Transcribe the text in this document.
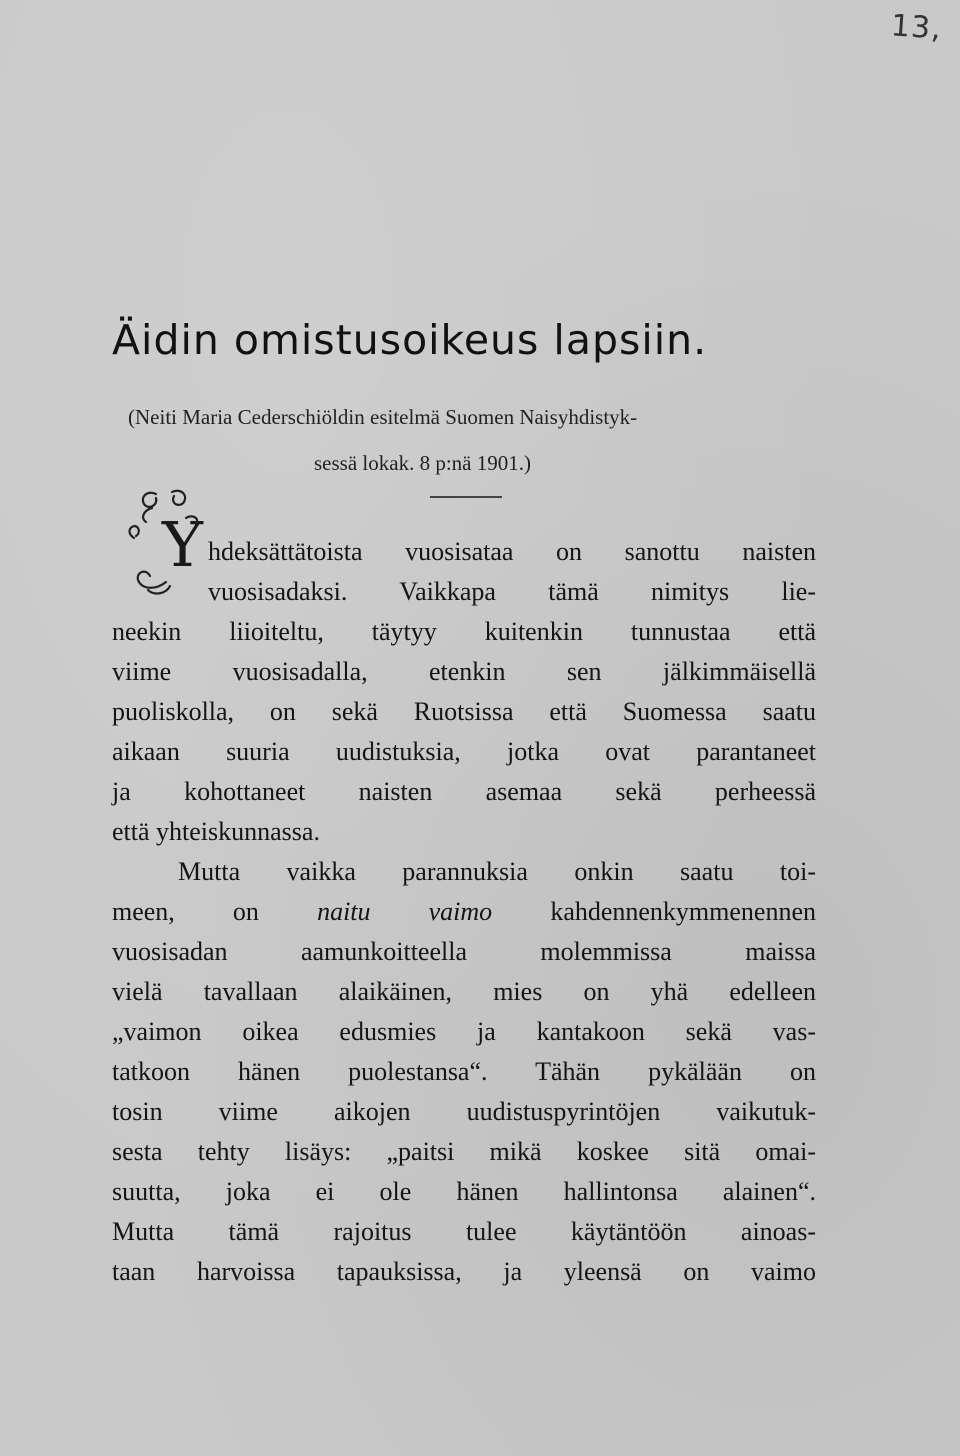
13,
Äidin omistusoikeus lapsiin.
(Neiti Maria Cederschiöldin esitelmä Suomen Naisyhdistyk-
sessä lokak. 8 p:nä 1901.)
Y hdeksättätoista vuosisataa on sanottu naisten
vuosisadaksi. Vaikkapa tämä nimitys lie-
neekin liioiteltu, täytyy kuitenkin tunnustaa että
viime vuosisadalla, etenkin sen jälkimmäisellä
puoliskolla, on sekä Ruotsissa että Suomessa saatu
aikaan suuria uudistuksia, jotka ovat parantaneet
ja kohottaneet naisten asemaa sekä perheessä
että yhteiskunnassa.
Mutta vaikka parannuksia onkin saatu toi-
meen, on naitu vaimo kahdennenkymmenennen
vuosisadan aamunkoitteella molemmissa maissa
vielä tavallaan alaikäinen, mies on yhä edelleen
„vaimon oikea edusmies ja kantakoon sekä vas-
tatkoon hänen puolestansa“. Tähän pykälään on
tosin viime aikojen uudistuspyrintöjen vaikutuk-
sesta tehty lisäys: „paitsi mikä koskee sitä omai-
suutta, joka ei ole hänen hallintonsa alainen“.
Mutta tämä rajoitus tulee käytäntöön ainoas-
taan harvoissa tapauksissa, ja yleensä on vaimo
